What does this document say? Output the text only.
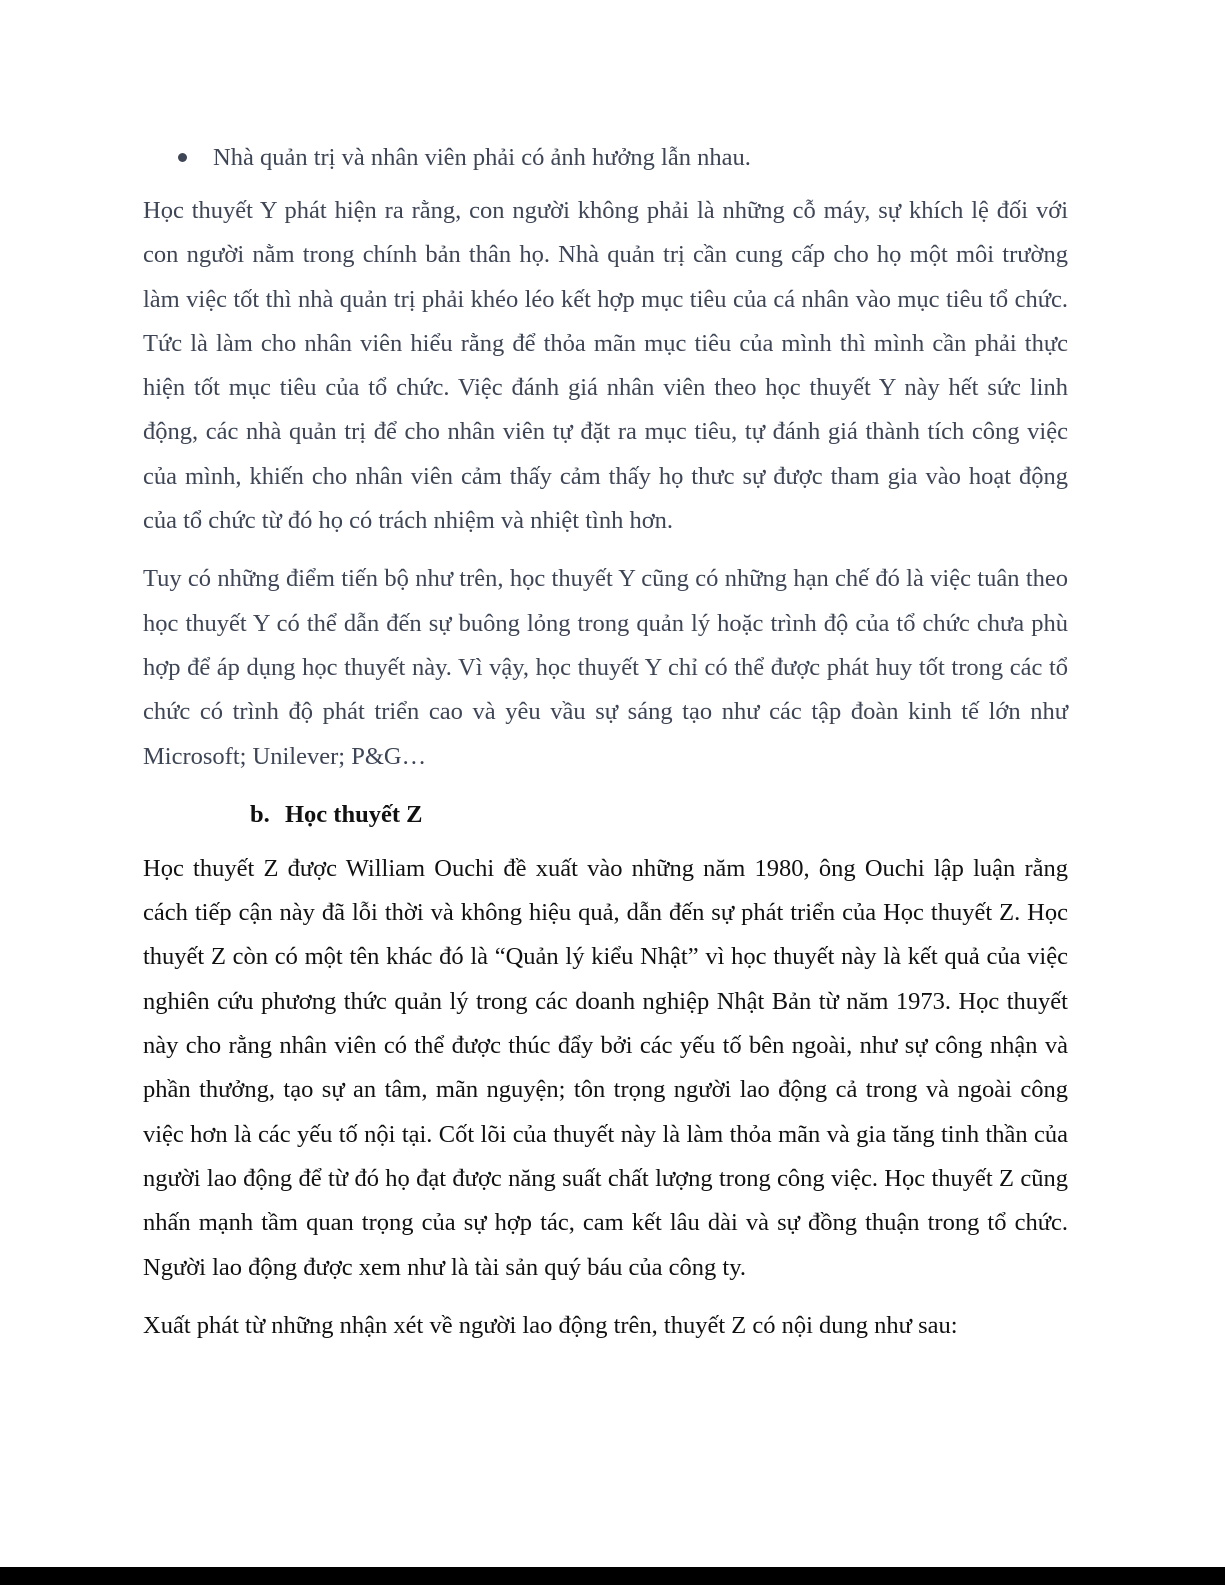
Nhà quản trị và nhân viên phải có ảnh hưởng lẫn nhau.

Học thuyết Y phát hiện ra rằng, con người không phải là những cỗ máy, sự khích lệ đối với con người nằm trong chính bản thân họ. Nhà quản trị cần cung cấp cho họ một môi trường làm việc tốt thì nhà quản trị phải khéo léo kết hợp mục tiêu của cá nhân vào mục tiêu tổ chức. Tức là làm cho nhân viên hiểu rằng để thỏa mãn mục tiêu của mình thì mình cần phải thực hiện tốt mục tiêu của tổ chức. Việc đánh giá nhân viên theo học thuyết Y này hết sức linh động, các nhà quản trị để cho nhân viên tự đặt ra mục tiêu, tự đánh giá thành tích công việc của mình, khiến cho nhân viên cảm thấy cảm thấy họ thưc sự được tham gia vào hoạt động của tổ chức từ đó họ có trách nhiệm và nhiệt tình hơn.

Tuy có những điểm tiến bộ như trên, học thuyết Y cũng có những hạn chế đó là việc tuân theo học thuyết Y có thể dẫn đến sự buông lỏng trong quản lý hoặc trình độ của tổ chức chưa phù hợp để áp dụng học thuyết này. Vì vậy, học thuyết Y chỉ có thể được phát huy tốt trong các tổ chức có trình độ phát triển cao và yêu vầu sự sáng tạo như các tập đoàn kinh tế lớn như Microsoft; Unilever; P&G…

b. Học thuyết Z

Học thuyết Z được William Ouchi đề xuất vào những năm 1980, ông Ouchi lập luận rằng cách tiếp cận này đã lỗi thời và không hiệu quả, dẫn đến sự phát triển của Học thuyết Z. Học thuyết Z còn có một tên khác đó là “Quản lý kiểu Nhật” vì học thuyết này là kết quả của việc nghiên cứu phương thức quản lý trong các doanh nghiệp Nhật Bản từ năm 1973. Học thuyết này cho rằng nhân viên có thể được thúc đẩy bởi các yếu tố bên ngoài, như sự công nhận và phần thưởng, tạo sự an tâm, mãn nguyện; tôn trọng người lao động cả trong và ngoài công việc hơn là các yếu tố nội tại. Cốt lõi của thuyết này là làm thỏa mãn và gia tăng tinh thần của người lao động để từ đó họ đạt được năng suất chất lượng trong công việc. Học thuyết Z cũng nhấn mạnh tầm quan trọng của sự hợp tác, cam kết lâu dài và sự đồng thuận trong tổ chức. Người lao động được xem như là tài sản quý báu của công ty.

Xuất phát từ những nhận xét về người lao động trên, thuyết Z có nội dung như sau:
